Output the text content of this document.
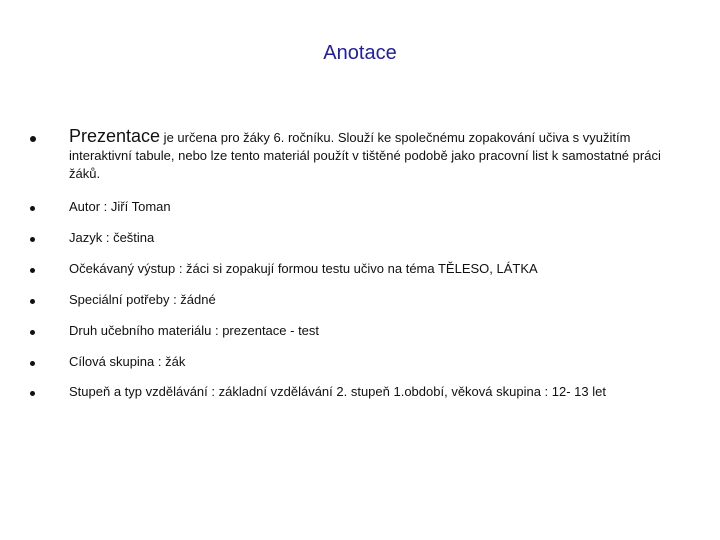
Anotace
Prezentace je určena pro žáky 6. ročníku. Slouží ke společnému zopakování učiva s využitím interaktivní tabule, nebo lze tento materiál použít v tištěné podobě jako pracovní list k samostatné práci žáků.
Autor : Jiří Toman
Jazyk : čeština
Očekávaný výstup : žáci si zopakují formou testu učivo na téma TĚLESO, LÁTKA
Speciální potřeby : žádné
Druh učebního materiálu : prezentace - test
Cílová skupina : žák
Stupeň a typ vzdělávání : základní vzdělávání 2. stupeň 1.období, věková skupina : 12- 13 let
